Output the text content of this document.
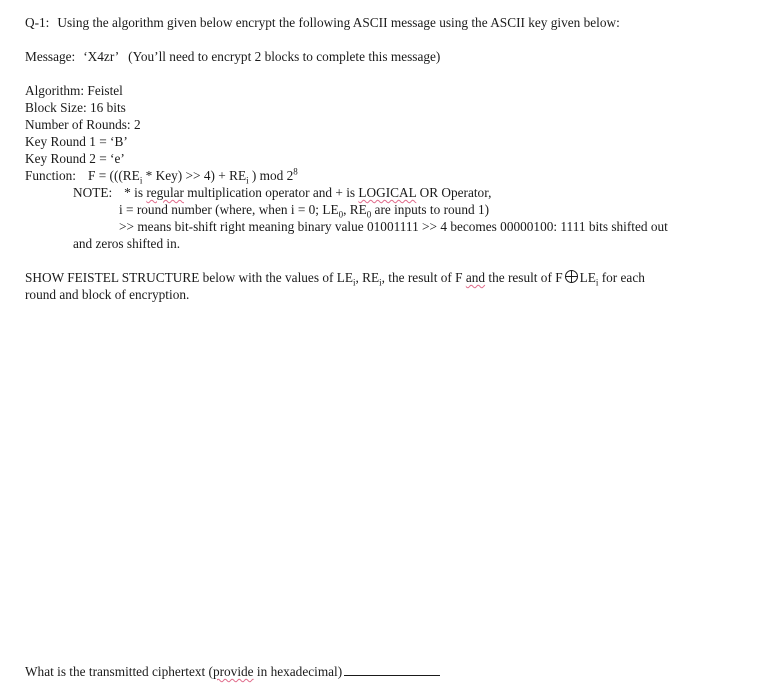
Q-1: Using the algorithm given below encrypt the following ASCII message using the ASCII key given below:
Message: ‘X4zr’ (You’ll need to encrypt 2 blocks to complete this message)
Algorithm: Feistel
Block Size: 16 bits
Number of Rounds: 2
Key Round 1 = ‘B’
Key Round 2 = ‘e’
Function: $F = (((RE_i * Key) >> 4) + RE_i$ ) mod $2^8$
NOTE: * is regular multiplication operator and + is LOGICAL OR Operator,
i = round number (where, when i = 0; $LE_0$, $RE_0$ are inputs to round 1)
>> means bit-shift right meaning binary value 01001111 >> 4 becomes 00000100: 1111 bits shifted out
and zeros shifted in.
SHOW FEISTEL STRUCTURE below with the values of $LE_i$, $RE_i$, the result of F and the result of F $LE_i$ for each
round and block of encryption.
What is the transmitted ciphertext (provide in hexadecimal)
